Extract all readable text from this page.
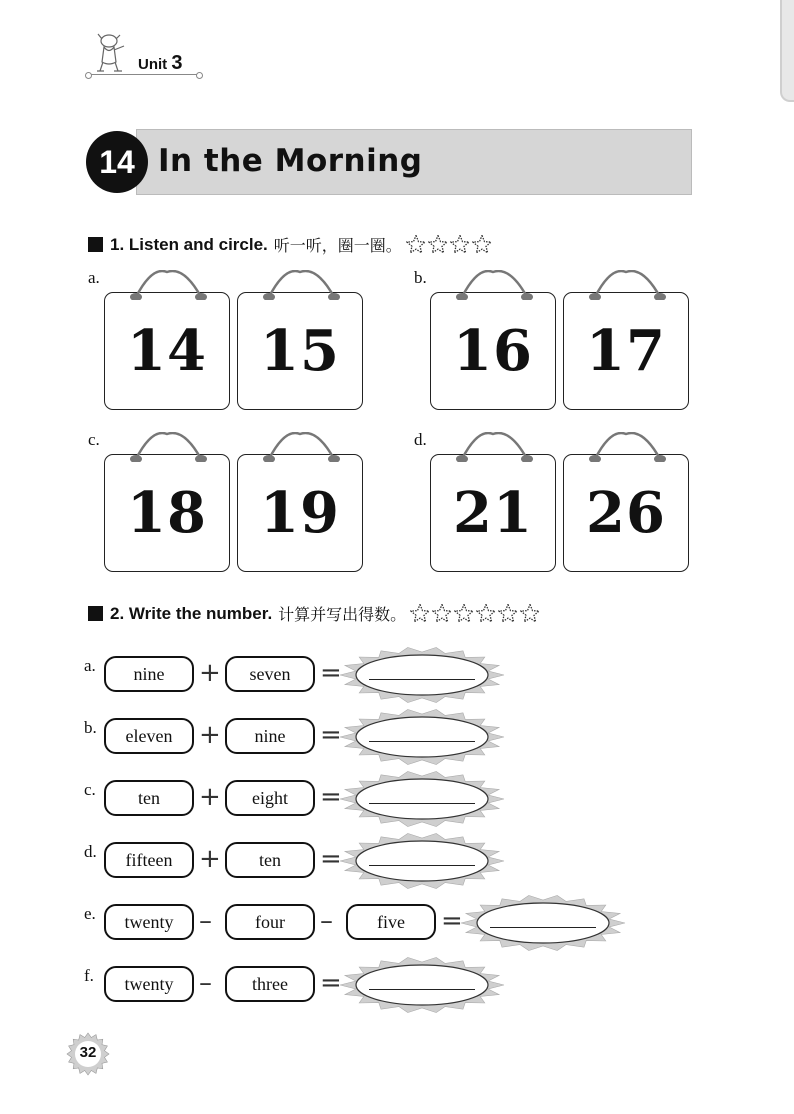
Unit 3
14 In the Morning
1. Listen and circle. 听一听，圈一圈。
a.
14 15
b.
16 17
c.
18 19
d.
21 26
2. Write the number. 计算并写出得数。
a.	nine	+	seven	=
b.	eleven	+	nine	=
c.	ten	+	eight	=
d.	fifteen	+	ten	=
e.	twenty –	four	–	five	=
f.	twenty –	three	=
32
